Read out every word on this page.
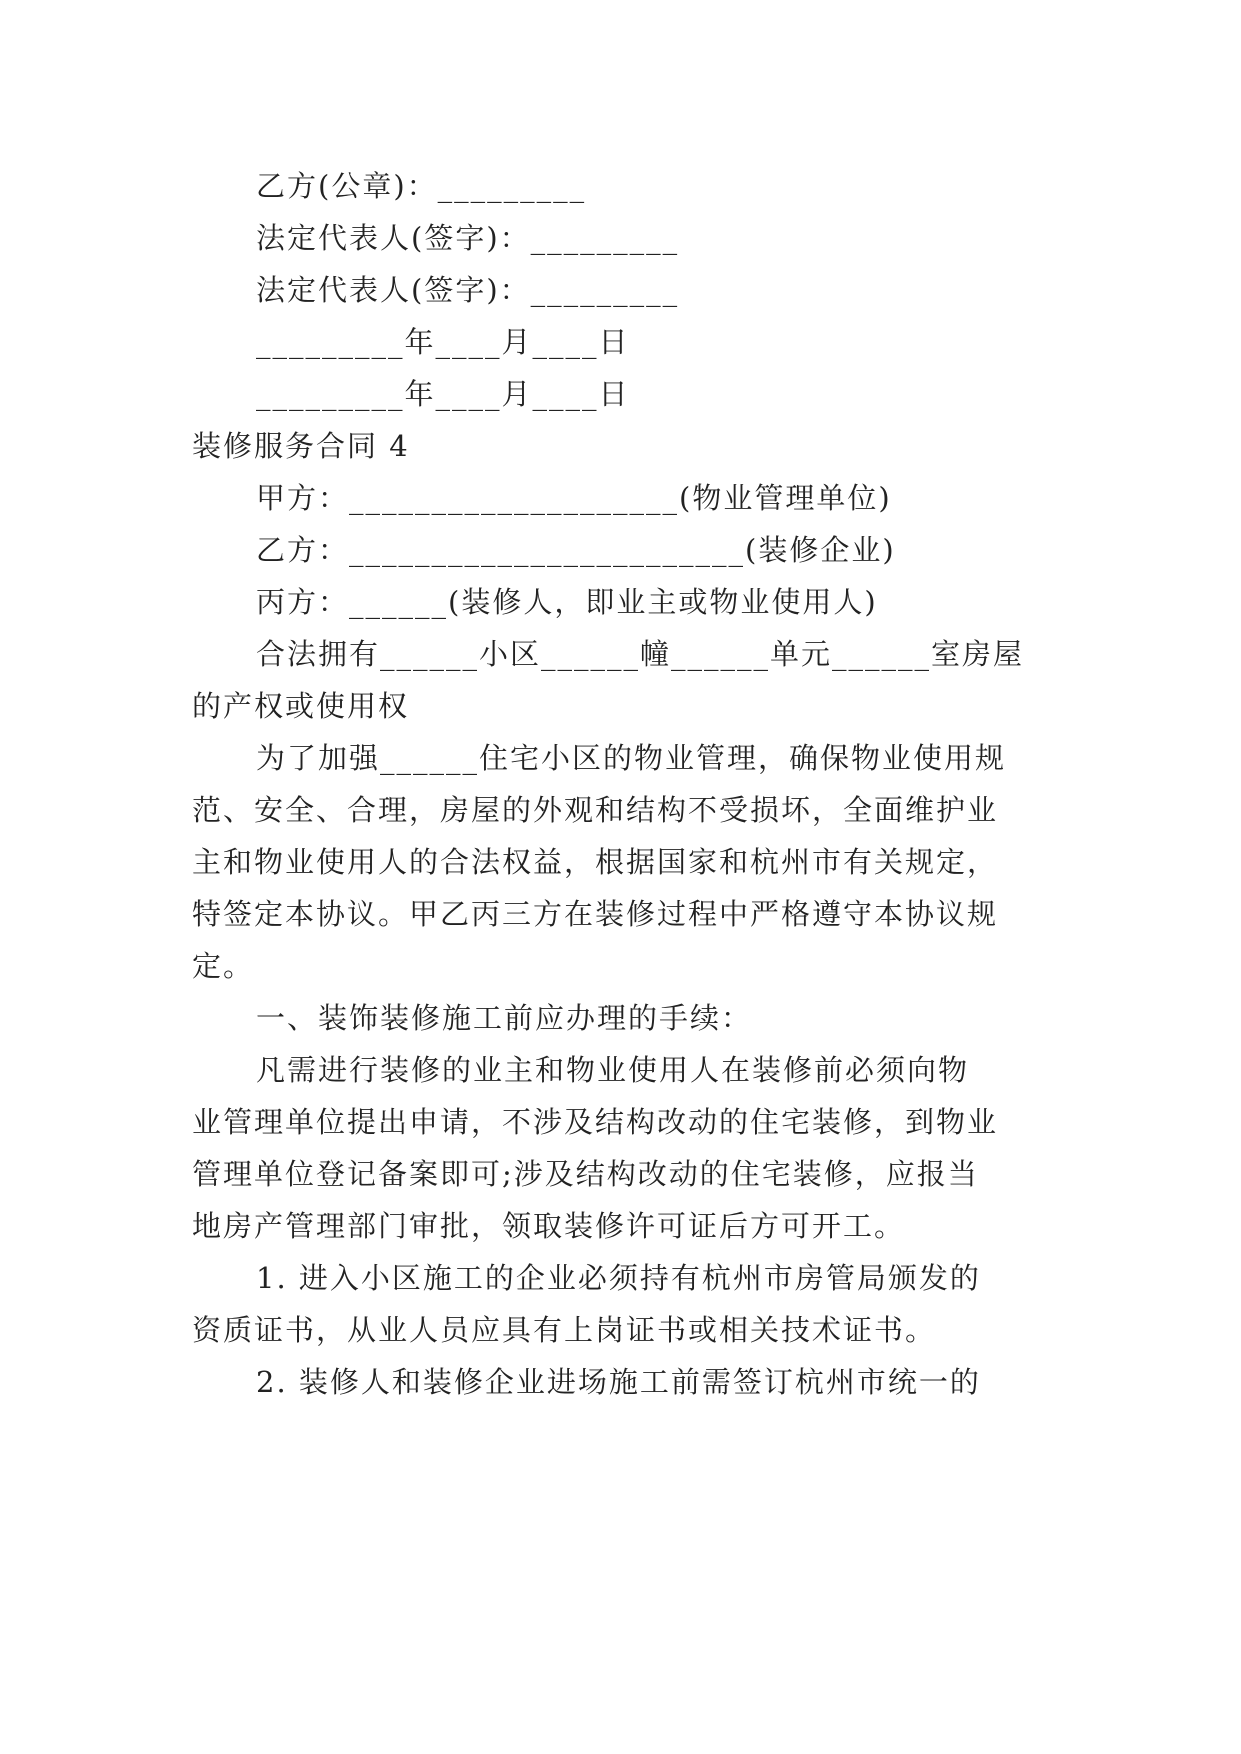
乙方(公章)：_________
法定代表人(签字)：_________
法定代表人(签字)：_________
_________年____月____日
_________年____月____日
装修服务合同 4
甲方：____________________(物业管理单位)
乙方：________________________(装修企业)
丙方：______(装修人，即业主或物业使用人)
合法拥有______小区______幢______单元______室房屋
的产权或使用权
为了加强______住宅小区的物业管理，确保物业使用规
范、安全、合理，房屋的外观和结构不受损坏，全面维护业
主和物业使用人的合法权益，根据国家和杭州市有关规定，
特签定本协议。甲乙丙三方在装修过程中严格遵守本协议规
定。
一、装饰装修施工前应办理的手续：
凡需进行装修的业主和物业使用人在装修前必须向物
业管理单位提出申请，不涉及结构改动的住宅装修，到物业
管理单位登记备案即可;涉及结构改动的住宅装修，应报当
地房产管理部门审批，领取装修许可证后方可开工。
1. 进入小区施工的企业必须持有杭州市房管局颁发的
资质证书，从业人员应具有上岗证书或相关技术证书。
2. 装修人和装修企业进场施工前需签订杭州市统一的
